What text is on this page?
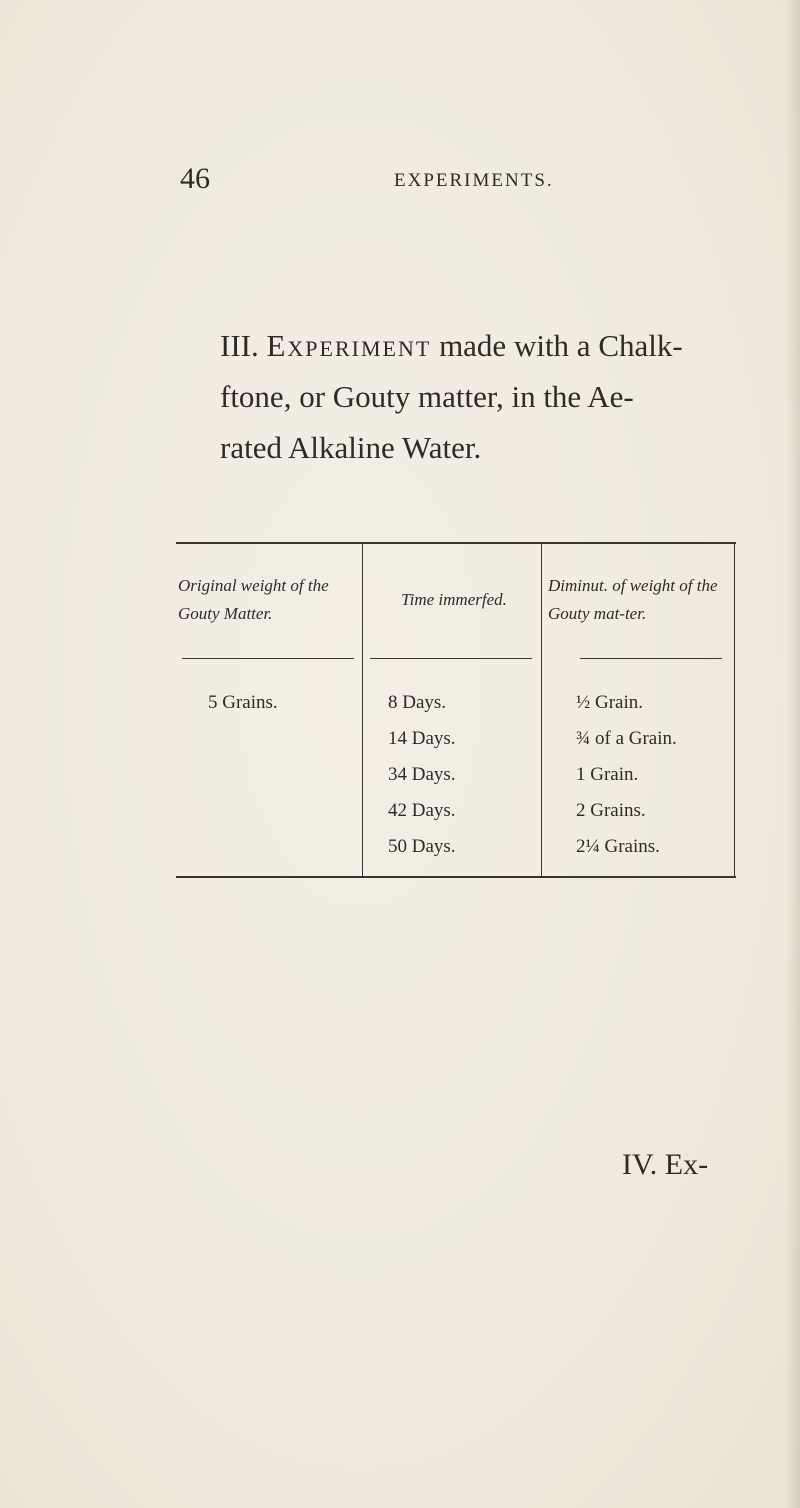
46	EXPERIMENTS.

III. Experiment made with a Chalk-

ftone, or Gouty matter, in the Ae-

rated Alkaline Water.

Original weight of the Gouty Matter.
Time immerfed.
Diminut. of weight of the Gouty mat-ter.
5 Grains.	8 Days.
14 Days.
34 Days.
42 Days.
50 Days.
½ Grain.
¾ of a Grain.
1 Grain.
2 Grains.
2¼ Grains.
IV. Ex-
